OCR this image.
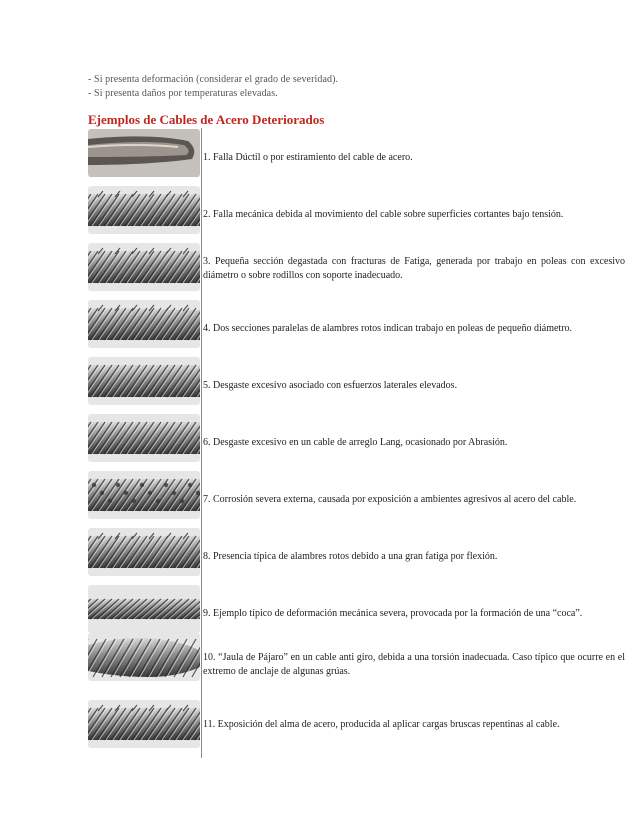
- Si presenta deformación (considerar el grado de severidad).
- Si presenta daños por temperaturas elevadas.
Ejemplos de Cables de Acero Deteriorados
1. Falla Dúctil o por estiramiento del cable de acero.
2. Falla mecánica debida al movimiento del cable sobre superficies cortantes bajo tensión.
3. Pequeña sección degastada con fracturas de Fatiga, generada por trabajo en poleas con excesivo diámetro o sobre rodillos con soporte inadecuado.
4. Dos secciones paralelas de alambres rotos indican trabajo en poleas de pequeño diámetro.
5. Desgaste excesivo asociado con esfuerzos laterales elevados.
6. Desgaste excesivo en un cable de arreglo Lang, ocasionado por Abrasión.
7. Corrosión severa externa, causada por exposición a ambientes agresivos al acero del cable.
8. Presencia típica de alambres rotos debido a una gran fatiga por flexión.
9. Ejemplo típico de deformación mecánica severa, provocada por la formación de una “coca”.
10. “Jaula de Pájaro” en un cable anti giro, debida a una torsión inadecuada. Caso típico que ocurre en el extremo de anclaje de algunas grúas.
11. Exposición del alma de acero, producida al aplicar cargas bruscas repentinas al cable.
